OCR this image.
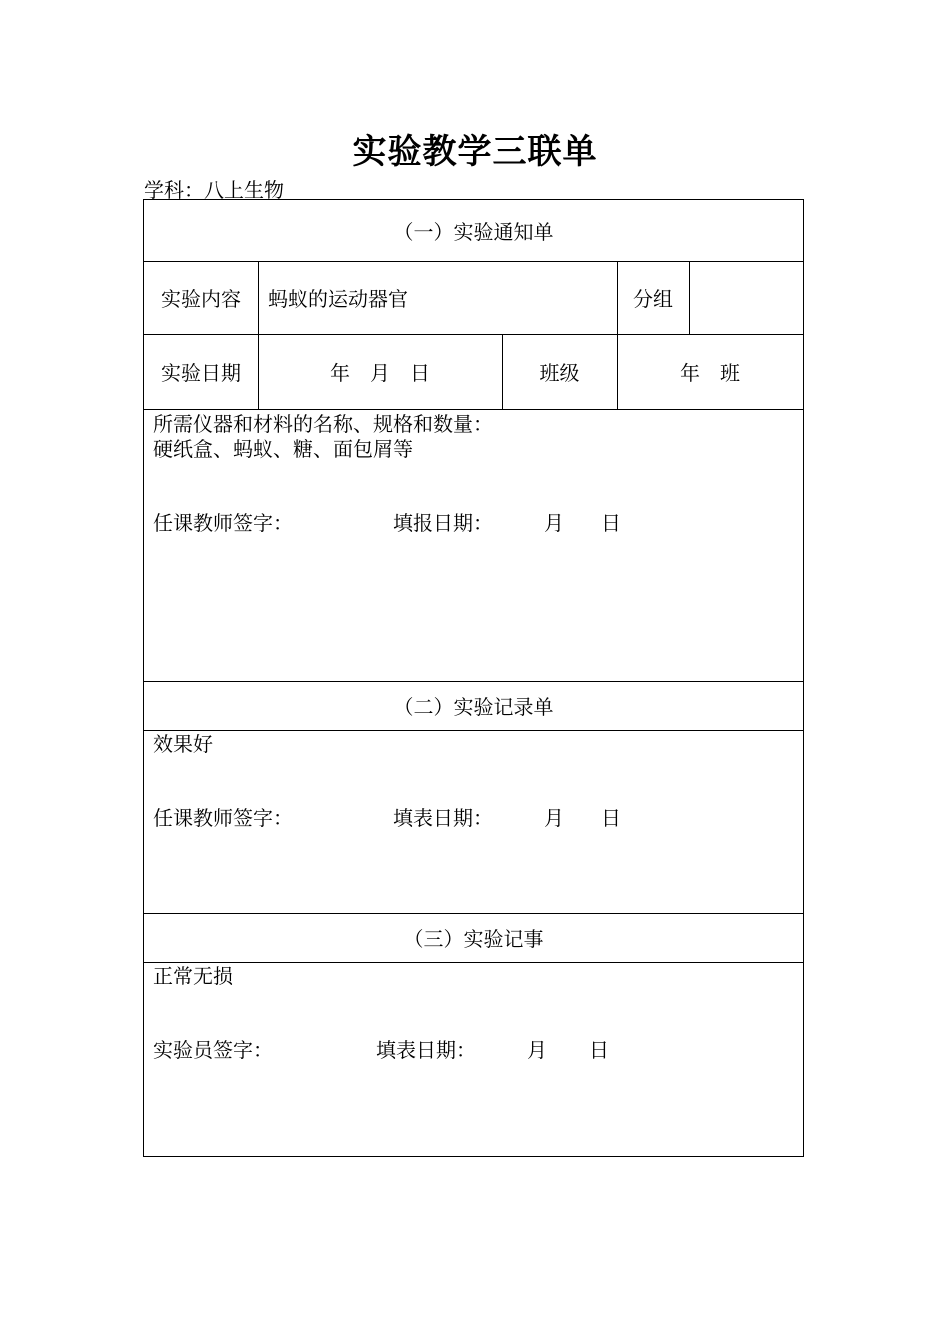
实验教学三联单
学科：八上生物
（一）实验通知单
实验内容	蚂蚁的运动器官	分组
实验日期	年　月　日	班级	年　班
所需仪器和材料的名称、规格和数量：
硬纸盒、蚂蚁、糖、面包屑等
任课教师签字：	填报日期：	月 日
（二）实验记录单
效果好
任课教师签字：	填表日期：	月 日
（三）实验记事
正常无损
实验员签字：	填表日期：	月 日
